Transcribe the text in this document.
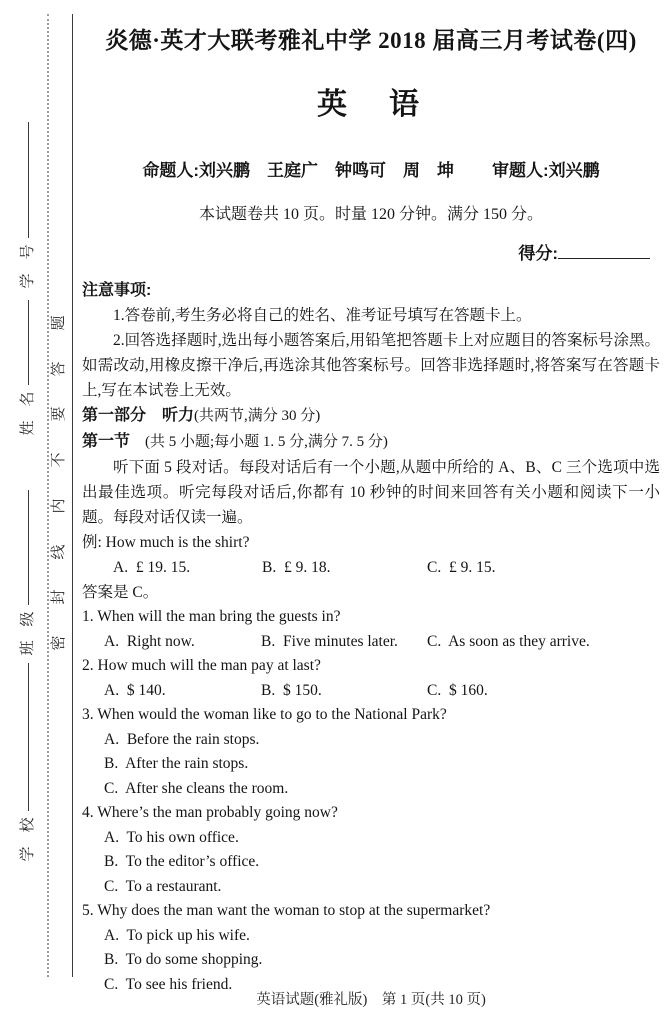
号
学
名
姓
级
班
校
学
题
答
要
不
内
线
封
密
炎德·英才大联考雅礼中学 2018 届高三月考试卷(四)
英　语
命题人:刘兴鹏　王庭广　钟鸣可　周　坤 审题人:刘兴鹏
本试题卷共 10 页。时量 120 分钟。满分 150 分。
得分:
注意事项:

1.答卷前,考生务必将自己的姓名、准考证号填写在答题卡上。

2.回答选择题时,选出每小题答案后,用铅笔把答题卡上对应题目的答案标号涂黑。如需改动,用橡皮擦干净后,再选涂其他答案标号。回答非选择题时,将答案写在答题卡上,写在本试卷上无效。

第一部分　听力(共两节,满分 30 分)
第一节　(共 5 小题;每小题 1. 5 分,满分 7. 5 分)

听下面 5 段对话。每段对话后有一个小题,从题中所给的 A、B、C 三个选项中选出最佳选项。听完每段对话后,你都有 10 秒钟的时间来回答有关小题和阅读下一小题。每段对话仅读一遍。

例: How much is the shirt?
A.  £ 19. 15.	B.  £ 9. 18.	C.  £ 9. 15.
答案是 C。
1. When will the man bring the guests in?
A.  Right now.	B.  Five minutes later.	C.  As soon as they arrive.
2. How much will the man pay at last?
A.  $ 140.	B.  $ 150.	C.  $ 160.
3. When would the woman like to go to the National Park?
A.  Before the rain stops.
B.  After the rain stops.
C.  After she cleans the room.
4. Where’s the man probably going now?
A.  To his own office.
B.  To the editor’s office.
C.  To a restaurant.
5. Why does the man want the woman to stop at the supermarket?
A.  To pick up his wife.
B.  To do some shopping.
C.  To see his friend.
英语试题(雅礼版)　第 1 页(共 10 页)
